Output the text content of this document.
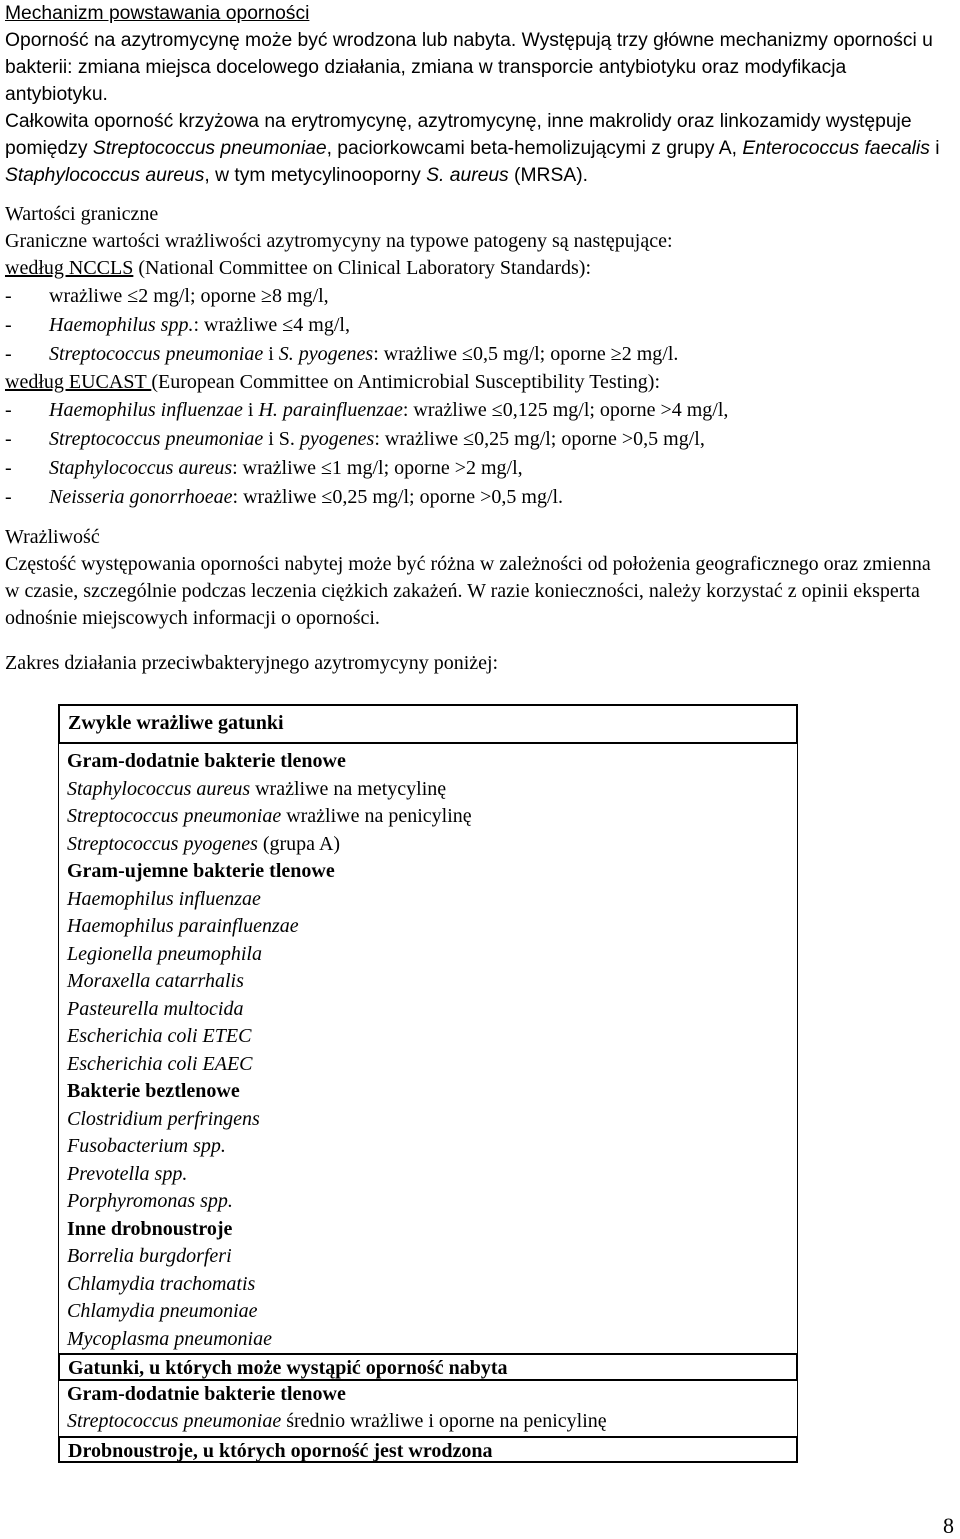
Mechanizm powstawania oporności

Oporność na azytromycynę może być wrodzona lub nabyta. Występują trzy główne mechanizmy oporności u bakterii: zmiana miejsca docelowego działania, zmiana w transporcie antybiotyku oraz modyfikacja antybiotyku.

Całkowita oporność krzyżowa na erytromycynę, azytromycynę, inne makrolidy oraz linkozamidy występuje pomiędzy Streptococcus pneumoniae, paciorkowcami beta-hemolizującymi z grupy A, Enterococcus faecalis i Staphylococcus aureus, w tym metycylinooporny S. aureus (MRSA).

Wartości graniczne

Graniczne wartości wrażliwości azytromycyny na typowe patogeny są następujące:

według NCCLS (National Committee on Clinical Laboratory Standards):

-	wrażliwe ≤2 mg/l; oporne ≥8 mg/l,
-	Haemophilus spp.: wrażliwe ≤4 mg/l,
-	Streptococcus pneumoniae i S. pyogenes: wrażliwe ≤0,5 mg/l; oporne ≥2 mg/l.

według EUCAST (European Committee on Antimicrobial Susceptibility Testing):

-	Haemophilus influenzae i H. parainfluenzae: wrażliwe ≤0,125 mg/l; oporne >4 mg/l,
-	Streptococcus pneumoniae i S. pyogenes: wrażliwe ≤0,25 mg/l; oporne >0,5 mg/l,
-	Staphylococcus aureus: wrażliwe ≤1 mg/l; oporne >2 mg/l,
-	Neisseria gonorrhoeae: wrażliwe ≤0,25 mg/l; oporne >0,5 mg/l.

Wrażliwość

Częstość występowania oporności nabytej może być różna w zależności od położenia geograficznego oraz zmienna w czasie, szczególnie podczas leczenia ciężkich zakażeń. W razie konieczności, należy korzystać z opinii eksperta odnośnie miejscowych informacji o oporności.

Zakres działania przeciwbakteryjnego azytromycyny poniżej:

Zwykle wrażliwe gatunki
Gram-dodatnie bakterie tlenowe
Staphylococcus aureus wrażliwe na metycylinę
Streptococcus pneumoniae wrażliwe na penicylinę
Streptococcus pyogenes (grupa A)
Gram-ujemne bakterie tlenowe
Haemophilus influenzae
Haemophilus parainfluenzae
Legionella pneumophila
Moraxella catarrhalis
Pasteurella multocida
Escherichia coli ETEC
Escherichia coli EAEC
Bakterie beztlenowe
Clostridium perfringens
Fusobacterium spp.
Prevotella spp.
Porphyromonas spp.
Inne drobnoustroje
Borrelia burgdorferi
Chlamydia trachomatis
Chlamydia pneumoniae
Mycoplasma pneumoniae
Gatunki, u których może wystąpić oporność nabyta
Gram-dodatnie bakterie tlenowe
Streptococcus pneumoniae średnio wrażliwe i oporne na penicylinę
Drobnoustroje, u których oporność jest wrodzona
8
